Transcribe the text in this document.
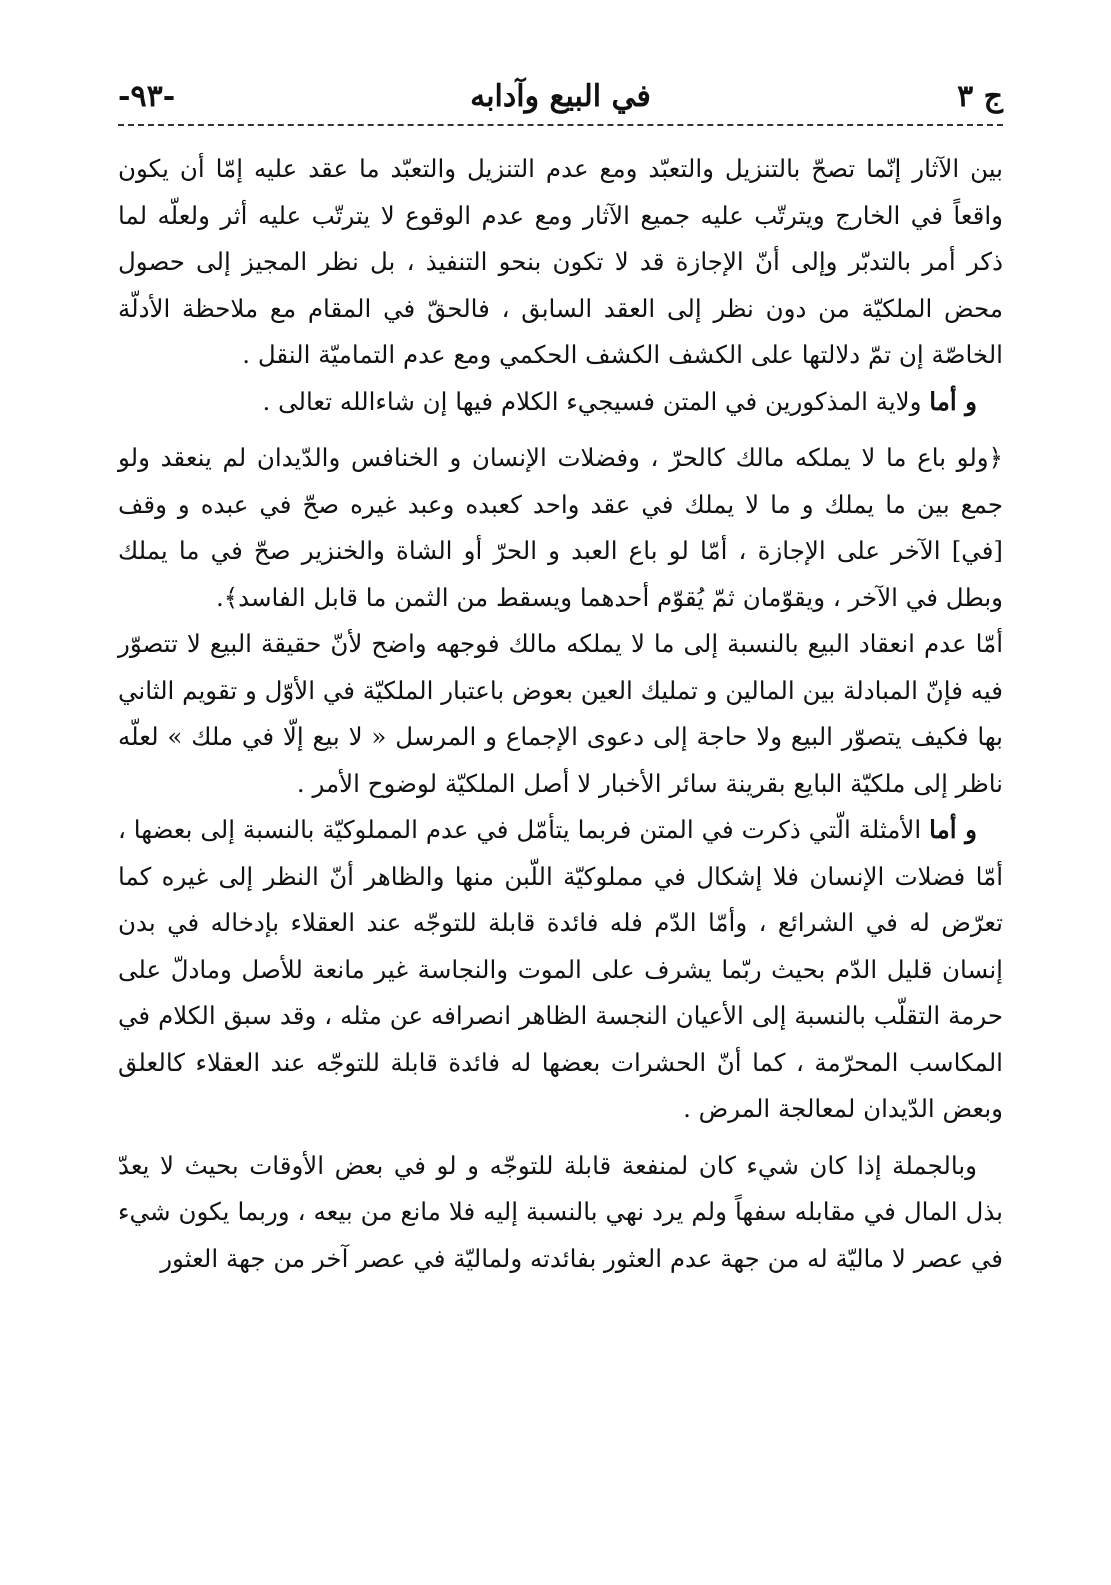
ج ٣
في البيع وآدابه
-٩٣-

بين الآثار إنّما تصحّ بالتنزيل والتعبّد ومع عدم التنزيل والتعبّد ما عقد عليه إمّا أن يكون واقعاً في الخارج ويترتّب عليه جميع الآثار ومع عدم الوقوع لا يترتّب عليه أثر ولعلّه لما ذكر أمر بالتدبّر وإلى أنّ الإجازة قد لا تكون بنحو التنفيذ ، بل نظر المجيز إلى حصول محض الملكيّة من دون نظر إلى العقد السابق ، فالحقّ في المقام مع ملاحظة الأدلّة الخاصّة إن تمّ دلالتها على الكشف الكشف الحكمي ومع عدم التماميّة النقل .

و أما ولاية المذكورين في المتن فسيجيء الكلام فيها إن شاءالله تعالى .

﴿ولو باع ما لا يملكه مالك كالحرّ ، وفضلات الإنسان و الخنافس والدّيدان لم ينعقد ولو جمع بين ما يملك و ما لا يملك في عقد واحد كعبده وعبد غيره صحّ في عبده و وقف [في] الآخر على الإجازة ، أمّا لو باع العبد و الحرّ أو الشاة والخنزير صحّ في ما يملك وبطل في الآخر ، ويقوّمان ثمّ يُقوّم أحدهما ويسقط من الثمن ما قابل الفاسد﴾.

أمّا عدم انعقاد البيع بالنسبة إلى ما لا يملكه مالك فوجهه واضح لأنّ حقيقة البيع لا تتصوّر فيه فإنّ المبادلة بين المالين و تمليك العين بعوض باعتبار الملكيّة في الأوّل و تقويم الثاني بها فكيف يتصوّر البيع ولا حاجة إلى دعوى الإجماع و المرسل « لا بيع إلّا في ملك » لعلّه ناظر إلى ملكيّة البايع بقرينة سائر الأخبار لا أصل الملكيّة لوضوح الأمر .

و أما الأمثلة الّتي ذكرت في المتن فربما يتأمّل في عدم المملوكيّة بالنسبة إلى بعضها ، أمّا فضلات الإنسان فلا إشكال في مملوكيّة اللّبن منها والظاهر أنّ النظر إلى غيره كما تعرّض له في الشرائع ، وأمّا الدّم فله فائدة قابلة للتوجّه عند العقلاء بإدخاله في بدن إنسان قليل الدّم بحيث ربّما يشرف على الموت والنجاسة غير مانعة للأصل ومادلّ على حرمة التقلّب بالنسبة إلى الأعيان النجسة الظاهر انصرافه عن مثله ، وقد سبق الكلام في المكاسب المحرّمة ، كما أنّ الحشرات بعضها له فائدة قابلة للتوجّه عند العقلاء كالعلق وبعض الدّيدان لمعالجة المرض .

وبالجملة إذا كان شيء كان لمنفعة قابلة للتوجّه و لو في بعض الأوقات بحيث لا يعدّ بذل المال في مقابله سفهاً ولم يرد نهي بالنسبة إليه فلا مانع من بيعه ، وربما يكون شيء في عصر لا ماليّة له من جهة عدم العثور بفائدته ولماليّة في عصر آخر من جهة العثور
